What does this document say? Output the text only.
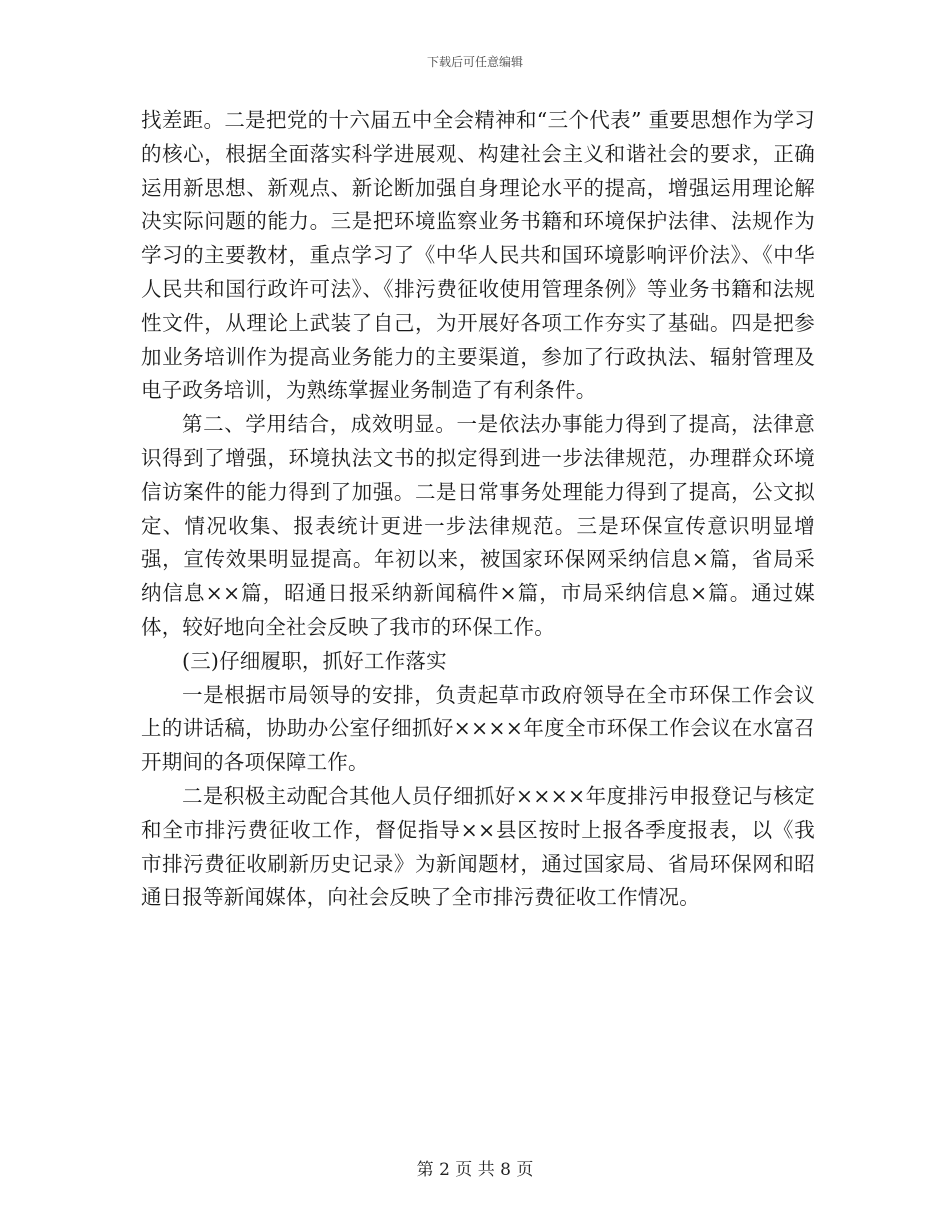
下载后可任意编辑

找差距。二是把党的十六届五中全会精神和“三个代表” 重要思想作为学习的核心，根据全面落实科学进展观、构建社会主义和谐社会的要求，正确运用新思想、新观点、新论断加强自身理论水平的提高，增强运用理论解决实际问题的能力。三是把环境监察业务书籍和环境保护法律、法规作为学习的主要教材，重点学习了《中华人民共和国环境影响评价法》、《中华人民共和国行政许可法》、《排污费征收使用管理条例》等业务书籍和法规性文件，从理论上武装了自己，为开展好各项工作夯实了基础。四是把参加业务培训作为提高业务能力的主要渠道，参加了行政执法、辐射管理及电子政务培训，为熟练掌握业务制造了有利条件。

第二、学用结合，成效明显。一是依法办事能力得到了提高，法律意识得到了增强，环境执法文书的拟定得到进一步法律规范，办理群众环境信访案件的能力得到了加强。二是日常事务处理能力得到了提高，公文拟定、情况收集、报表统计更进一步法律规范。三是环保宣传意识明显增强，宣传效果明显提高。年初以来，被国家环保网采纳信息×篇，省局采纳信息××篇，昭通日报采纳新闻稿件×篇，市局采纳信息×篇。通过媒体，较好地向全社会反映了我市的环保工作。

(三)仔细履职，抓好工作落实

一是根据市局领导的安排，负责起草市政府领导在全市环保工作会议上的讲话稿，协助办公室仔细抓好××××年度全市环保工作会议在水富召开期间的各项保障工作。

二是积极主动配合其他人员仔细抓好××××年度排污申报登记与核定和全市排污费征收工作，督促指导××县区按时上报各季度报表，以《我市排污费征收刷新历史记录》为新闻题材，通过国家局、省局环保网和昭通日报等新闻媒体，向社会反映了全市排污费征收工作情况。

第 2 页 共 8 页
